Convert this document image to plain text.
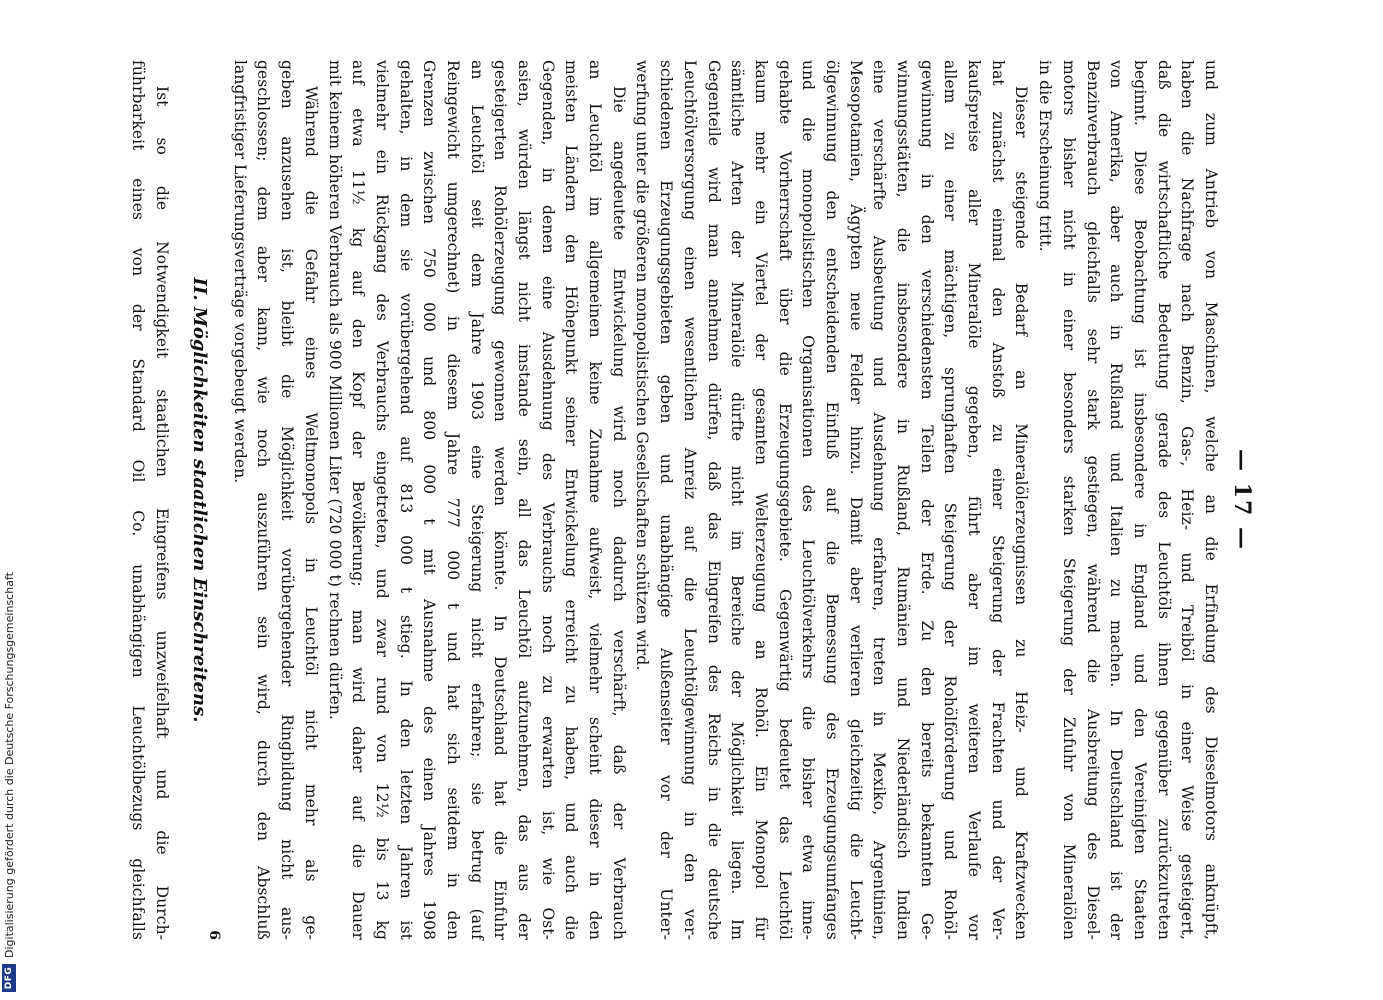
DFG
Digitalisierung gefördert durch die Deutsche Forschungsgemeinschaft
— 17 —
und zum Antrieb von Maschinen, welche an die Erfindung des Dieselmotors anknüpft,
haben die Nachfrage nach Benzin, Gas-, Heiz- und Treiböl in einer Weise gesteigert,
daß die wirtschaftliche Bedeutung gerade des Leuchtöls ihnen gegenüber zurückzutreten
beginnt. Diese Beobachtung ist insbesondere in England und den Vereinigten Staaten
von Amerika, aber auch in Rußland und Italien zu machen. In Deutschland ist der
Benzinverbrauch gleichfalls sehr stark gestiegen, während die Ausbreitung des Diesel-
motors bisher nicht in einer besonders starken Steigerung der Zufuhr von Mineralölen
in die Erscheinung tritt.
Dieser steigende Bedarf an Mineralölerzeugnissen zu Heiz- und Kraftzwecken
hat zunächst einmal den Anstoß zu einer Steigerung der Frachten und der Ver-
kaufspreise aller Mineralöle gegeben, führt aber im weiteren Verlaufe vor
allem zu einer mächtigen, sprunghaften Steigerung der Rohölförderung und Rohöl-
gewinnung in den verschiedensten Teilen der Erde. Zu den bereits bekannten Ge-
winnungsstätten, die insbesondere in Rußland, Rumänien und Niederländisch Indien
eine verschärfte Ausbeutung und Ausdehnung erfahren, treten in Mexiko, Argentinien,
Mesopotamien, Ägypten neue Felder hinzu. Damit aber verlieren gleichzeitig die Leucht-
ölgewinnung den entscheidenden Einfluß auf die Bemessung des Erzeugungsumfanges
und die monopolistischen Organisationen des Leuchtölverkehrs die bisher etwa inne-
gehabte Vorherrschaft über die Erzeugungsgebiete. Gegenwärtig bedeutet das Leuchtöl
kaum mehr ein Viertel der gesamten Welterzeugung an Rohöl. Ein Monopol für
sämtliche Arten der Mineralöle dürfte nicht im Bereiche der Möglichkeit liegen. Im
Gegenteile wird man annehmen dürfen, daß das Eingreifen des Reichs in die deutsche
Leuchtölversorgung einen wesentlichen Anreiz auf die Leuchtölgewinnung in den ver-
schiedenen Erzeugungsgebieten geben und unabhängige Außenseiter vor der Unter-
werfung unter die größeren monopolistischen Gesellschaften schützen wird.
Die angedeutete Entwickelung wird noch dadurch verschärft, daß der Verbrauch
an Leuchtöl im allgemeinen keine Zunahme aufweist, vielmehr scheint dieser in den
meisten Ländern den Höhepunkt seiner Entwickelung erreicht zu haben, und auch die
Gegenden, in denen eine Ausdehnung des Verbrauchs noch zu erwarten ist, wie Ost-
asien, würden längst nicht imstande sein, all das Leuchtöl aufzunehmen, das aus der
gesteigerten Rohölerzeugung gewonnen werden könnte. In Deutschland hat die Einfuhr
an Leuchtöl seit dem Jahre 1903 eine Steigerung nicht erfahren; sie betrug (auf
Reingewicht umgerechnet) in diesem Jahre 777 000 t und hat sich seitdem in den
Grenzen zwischen 750 000 und 800 000 t mit Ausnahme des einen Jahres 1908
gehalten, in dem sie vorübergehend auf 813 000 t stieg. In den letzten Jahren ist
vielmehr ein Rückgang des Verbrauchs eingetreten, und zwar rund von 12½ bis 13 kg
auf etwa 11½ kg auf den Kopf der Bevölkerung; man wird daher auf die Dauer
mit keinem höheren Verbrauch als 900 Millionen Liter (720 000 t) rechnen dürfen.
Während die Gefahr eines Weltmonopols in Leuchtöl nicht mehr als ge-
geben anzusehen ist, bleibt die Möglichkeit vorübergehender Ringbildung nicht aus-
geschlossen; dem aber kann, wie noch auszuführen sein wird, durch den Abschluß
langfristiger Lieferungsverträge vorgebeugt werden.
II. Möglichkeiten staatlichen Einschreitens.
Ist so die Notwendigkeit staatlichen Eingreifens unzweifelhaft und die Durch-
führbarkeit eines von der Standard Oil Co. unabhängigen Leuchtölbezugs gleichfalls	6
